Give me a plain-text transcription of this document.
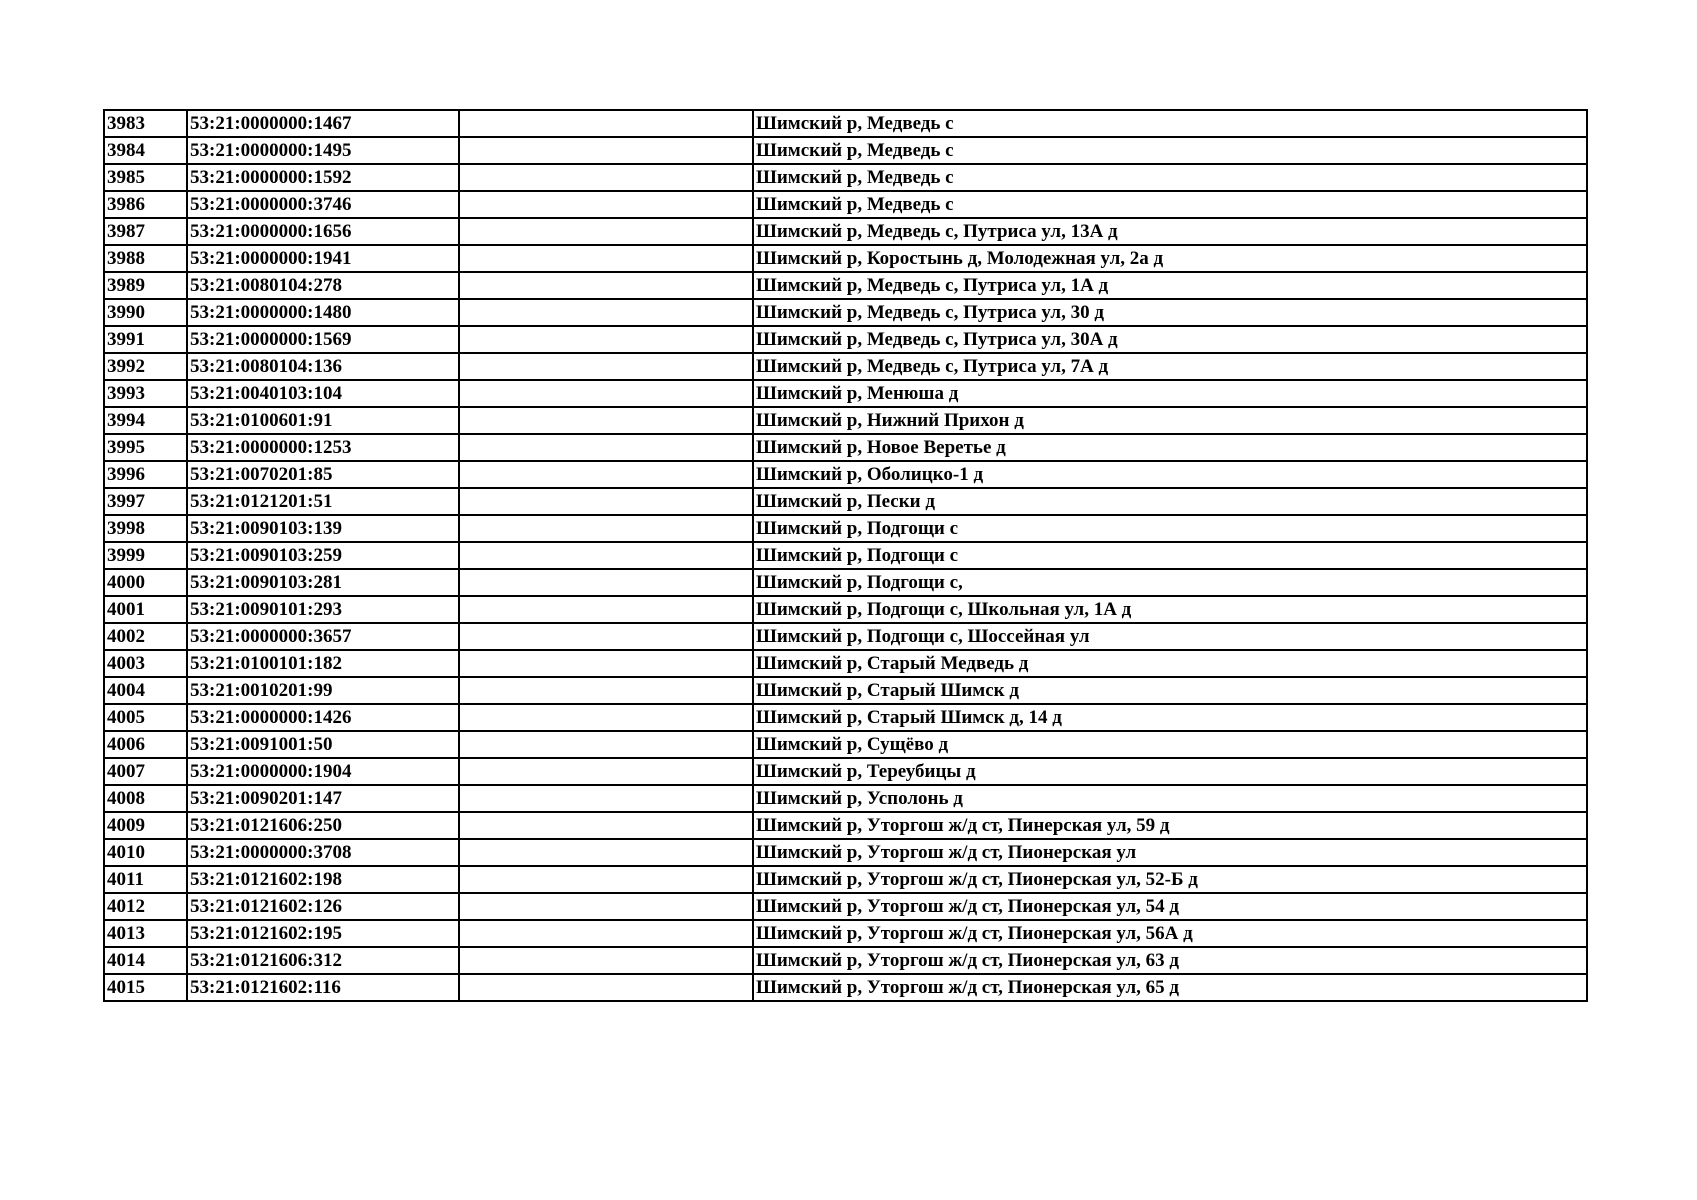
3983	53:21:0000000:1467		Шимский р, Медведь с
3984	53:21:0000000:1495		Шимский р, Медведь с
3985	53:21:0000000:1592		Шимский р, Медведь с
3986	53:21:0000000:3746		Шимский р, Медведь с
3987	53:21:0000000:1656		Шимский р, Медведь с, Путриса ул, 13А д
3988	53:21:0000000:1941		Шимский р, Коростынь д, Молодежная ул, 2а д
3989	53:21:0080104:278		Шимский р, Медведь с, Путриса ул, 1А д
3990	53:21:0000000:1480		Шимский р, Медведь с, Путриса ул, 30 д
3991	53:21:0000000:1569		Шимский р, Медведь с, Путриса ул, 30А д
3992	53:21:0080104:136		Шимский р, Медведь с, Путриса ул, 7А д
3993	53:21:0040103:104		Шимский р, Менюша д
3994	53:21:0100601:91		Шимский р, Нижний Прихон д
3995	53:21:0000000:1253		Шимский р, Новое Веретье д
3996	53:21:0070201:85		Шимский р, Оболицко-1 д
3997	53:21:0121201:51		Шимский р, Пески д
3998	53:21:0090103:139		Шимский р, Подгощи с
3999	53:21:0090103:259		Шимский р, Подгощи с
4000	53:21:0090103:281		Шимский р, Подгощи с,
4001	53:21:0090101:293		Шимский р, Подгощи с, Школьная ул, 1А д
4002	53:21:0000000:3657		Шимский р, Подгощи с, Шоссейная ул
4003	53:21:0100101:182		Шимский р, Старый Медведь д
4004	53:21:0010201:99		Шимский р, Старый Шимск д
4005	53:21:0000000:1426		Шимский р, Старый Шимск д, 14 д
4006	53:21:0091001:50		Шимский р, Сущёво д
4007	53:21:0000000:1904		Шимский р, Тереубицы д
4008	53:21:0090201:147		Шимский р, Усполонь д
4009	53:21:0121606:250		Шимский р, Уторгош ж/д ст, Пинерская ул, 59 д
4010	53:21:0000000:3708		Шимский р, Уторгош ж/д ст, Пионерская ул
4011	53:21:0121602:198		Шимский р, Уторгош ж/д ст, Пионерская ул, 52-Б д
4012	53:21:0121602:126		Шимский р, Уторгош ж/д ст, Пионерская ул, 54 д
4013	53:21:0121602:195		Шимский р, Уторгош ж/д ст, Пионерская ул, 56А д
4014	53:21:0121606:312		Шимский р, Уторгош ж/д ст, Пионерская ул, 63 д
4015	53:21:0121602:116		Шимский р, Уторгош ж/д ст, Пионерская ул, 65 д
